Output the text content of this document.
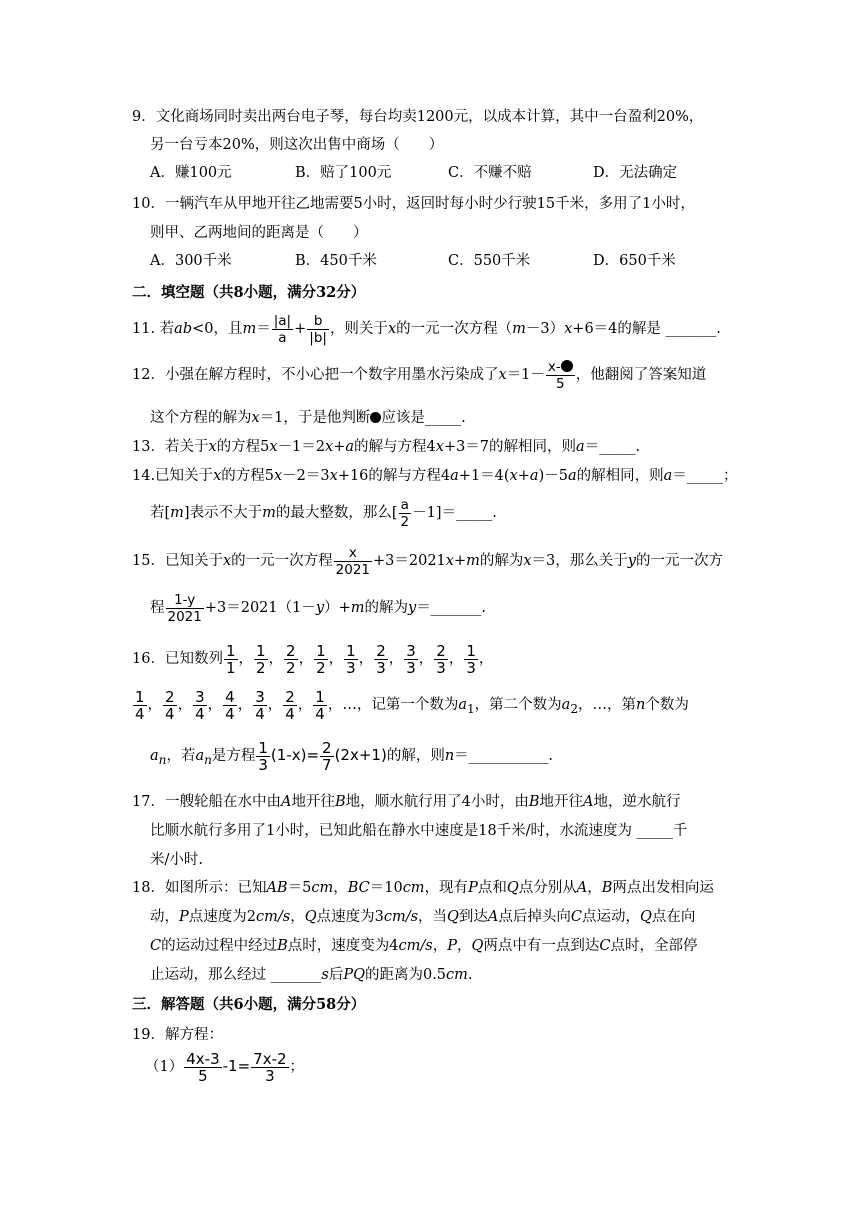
9．文化商场同时卖出两台电子琴，每台均卖1200元，以成本计算，其中一台盈利20%，
另一台亏本20%，则这次出售中商场（　　）
A．赚100元	B．赔了100元	C．不赚不赔	D．无法确定
10．一辆汽车从甲地开往乙地需要5小时，返回时每小时少行驶15千米，多用了1小时，
则甲、乙两地间的距离是（　　）
A．300千米	B．450千米	C．550千米	D．650千米
二．填空题（共8小题，满分32分）
11. 若ab<0，且$m= \frac{|a|}{a} + \frac{b}{|b|}$ ，则关于x的一元一次方程（m－3）x+6＝4的解是 _______.
12．小强在解方程时，不小心把一个数字用墨水污染成了$x=1- \frac{x-}{5}$ ，他翻阅了答案知道
这个方程的解为x＝1，于是他判断 应该是_____.
13．若关于x的方程5x－1＝2x+a的解与方程4x+3＝7的解相同，则a＝_____.
14.已知关于x的方程5x－2＝3x+16的解与方程4a+1＝4(x+a)－5a的解相同，则a＝_____；
若[m]表示不大于m的最大整数，那么[ $\frac{a}{2}$ －1]＝_____.
15．已知关于x的一元一次方程 $\frac{x}{2021} +3=2021x+m$的解为x＝3，那么关于y的一元一次方
程 $\frac{1-y}{2021} +3=2021(1-y)+m$的解为y＝_______.
16．已知数列 $\frac{1}{1}$ ， $\frac{1}{2}$ ， $\frac{2}{2}$ ， $\frac{1}{2}$ ， $\frac{1}{3}$ ， $\frac{2}{3}$ ， $\frac{3}{3}$ ， $\frac{2}{3}$ ， $\frac{1}{3}$ ，
$\frac{1}{4}$ ， $\frac{2}{4}$ ， $\frac{3}{4}$ ， $\frac{4}{4}$ ， $\frac{3}{4}$ ， $\frac{2}{4}$ ， $\frac{1}{4}$ ，…，记第一个数为$a_1$，第二个数为$a_2$，…，第n个数为
$a_n$，若$a_n$是方程 $\frac{1}{3} (1-x)= \frac{2}{7} (2x+1)$的解，则n＝___________.
17．一艘轮船在水中由A地开往B地，顺水航行用了4小时，由B地开往A地，逆水航行
比顺水航行多用了1小时，已知此船在静水中速度是18千米/时，水流速度为 _____千
米/小时.
18．如图所示：已知AB＝5cm，BC＝10cm，现有P点和Q点分别从A，B两点出发相向运
动，P点速度为2cm/s，Q点速度为3cm/s，当Q到达A点后掉头向C点运动，Q点在向
C的运动过程中经过B点时，速度变为4cm/s，P，Q两点中有一点到达C点时，全部停
止运动，那么经过 _______s后PQ的距离为0.5cm.
三．解答题（共6小题，满分58分）
19．解方程：
$(1) \frac{4x-3}{5} -1= \frac{7x-2}{3}$ ；
